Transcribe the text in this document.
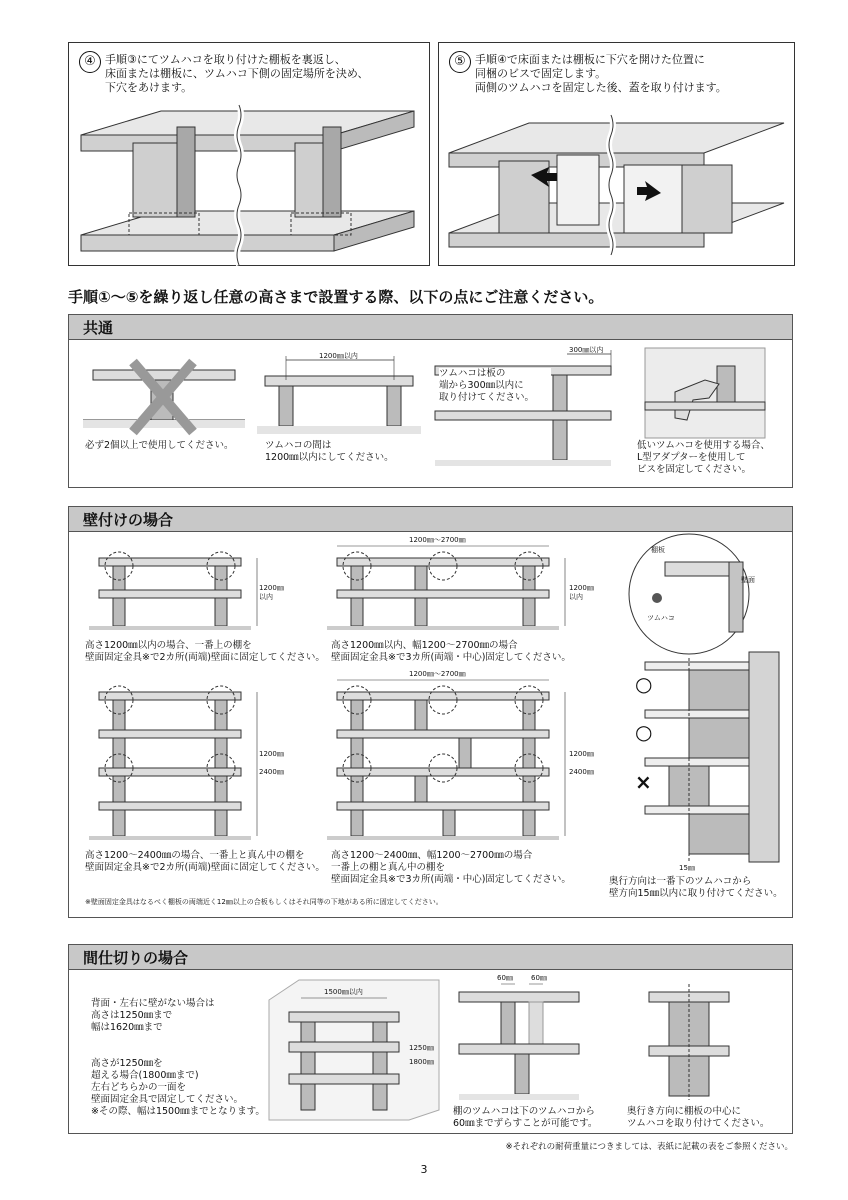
④ 手順③にてツムハコを取り付けた棚板を裏返し、
床面または棚板に、ツムハコ下側の固定場所を決め、
下穴をあけます。
⑤ 手順④で床面または棚板に下穴を開けた位置に
同梱のビスで固定します。
両側のツムハコを固定した後、蓋を取り付けます。
手順①～⑤を繰り返し任意の高さまで設置する際、以下の点にご注意ください。
共通
必ず2個以上で使用してください。
1200㎜以内
ツムハコの間は
1200㎜以内にしてください。
ツムハコは板の
端から300㎜以内に
取り付けてください。
300㎜以内
低いツムハコを使用する場合、
L型アダプターを使用して
ビスを固定してください。
壁付けの場合
1200㎜
以内
高さ1200㎜以内の場合、一番上の棚を
壁面固定金具※で2カ所(両端)壁面に固定してください。
1200㎜～2700㎜
1200㎜
以内
高さ1200㎜以内、幅1200～2700㎜の場合
壁面固定金具※で3カ所(両端・中心)固定してください。
1200㎜
2400㎜
高さ1200～2400㎜の場合、一番上と真ん中の棚を
壁面固定金具※で2カ所(両端)壁面に固定してください。
1200㎜～2700㎜
1200㎜
2400㎜
高さ1200～2400㎜、幅1200～2700㎜の場合
一番上の棚と真ん中の棚を
壁面固定金具※で3カ所(両端・中心)固定してください。
※壁面固定金具はなるべく棚板の両端近く12㎜以上の合板もしくはそれ同等の下地がある所に固定してください。
棚板
壁面
ツムハコ
○
○
×
15㎜
奥行方向は一番下のツムハコから
壁方向15㎜以内に取り付けてください。
間仕切りの場合
背面・左右に壁がない場合は
高さは1250㎜まで
幅は1620㎜まで
高さが1250㎜を
超える場合(1800㎜まで)
左右どちらかの一面を
壁面固定金具で固定してください。
※その際、幅は1500㎜までとなります。
1500㎜以内
1250㎜
1800㎜
60㎜	60㎜
棚のツムハコは下のツムハコから
60㎜までずらすことが可能です。
奥行き方向に棚板の中心に
ツムハコを取り付けてください。
※それぞれの耐荷重量につきましては、表紙に記載の表をご参照ください。
3
